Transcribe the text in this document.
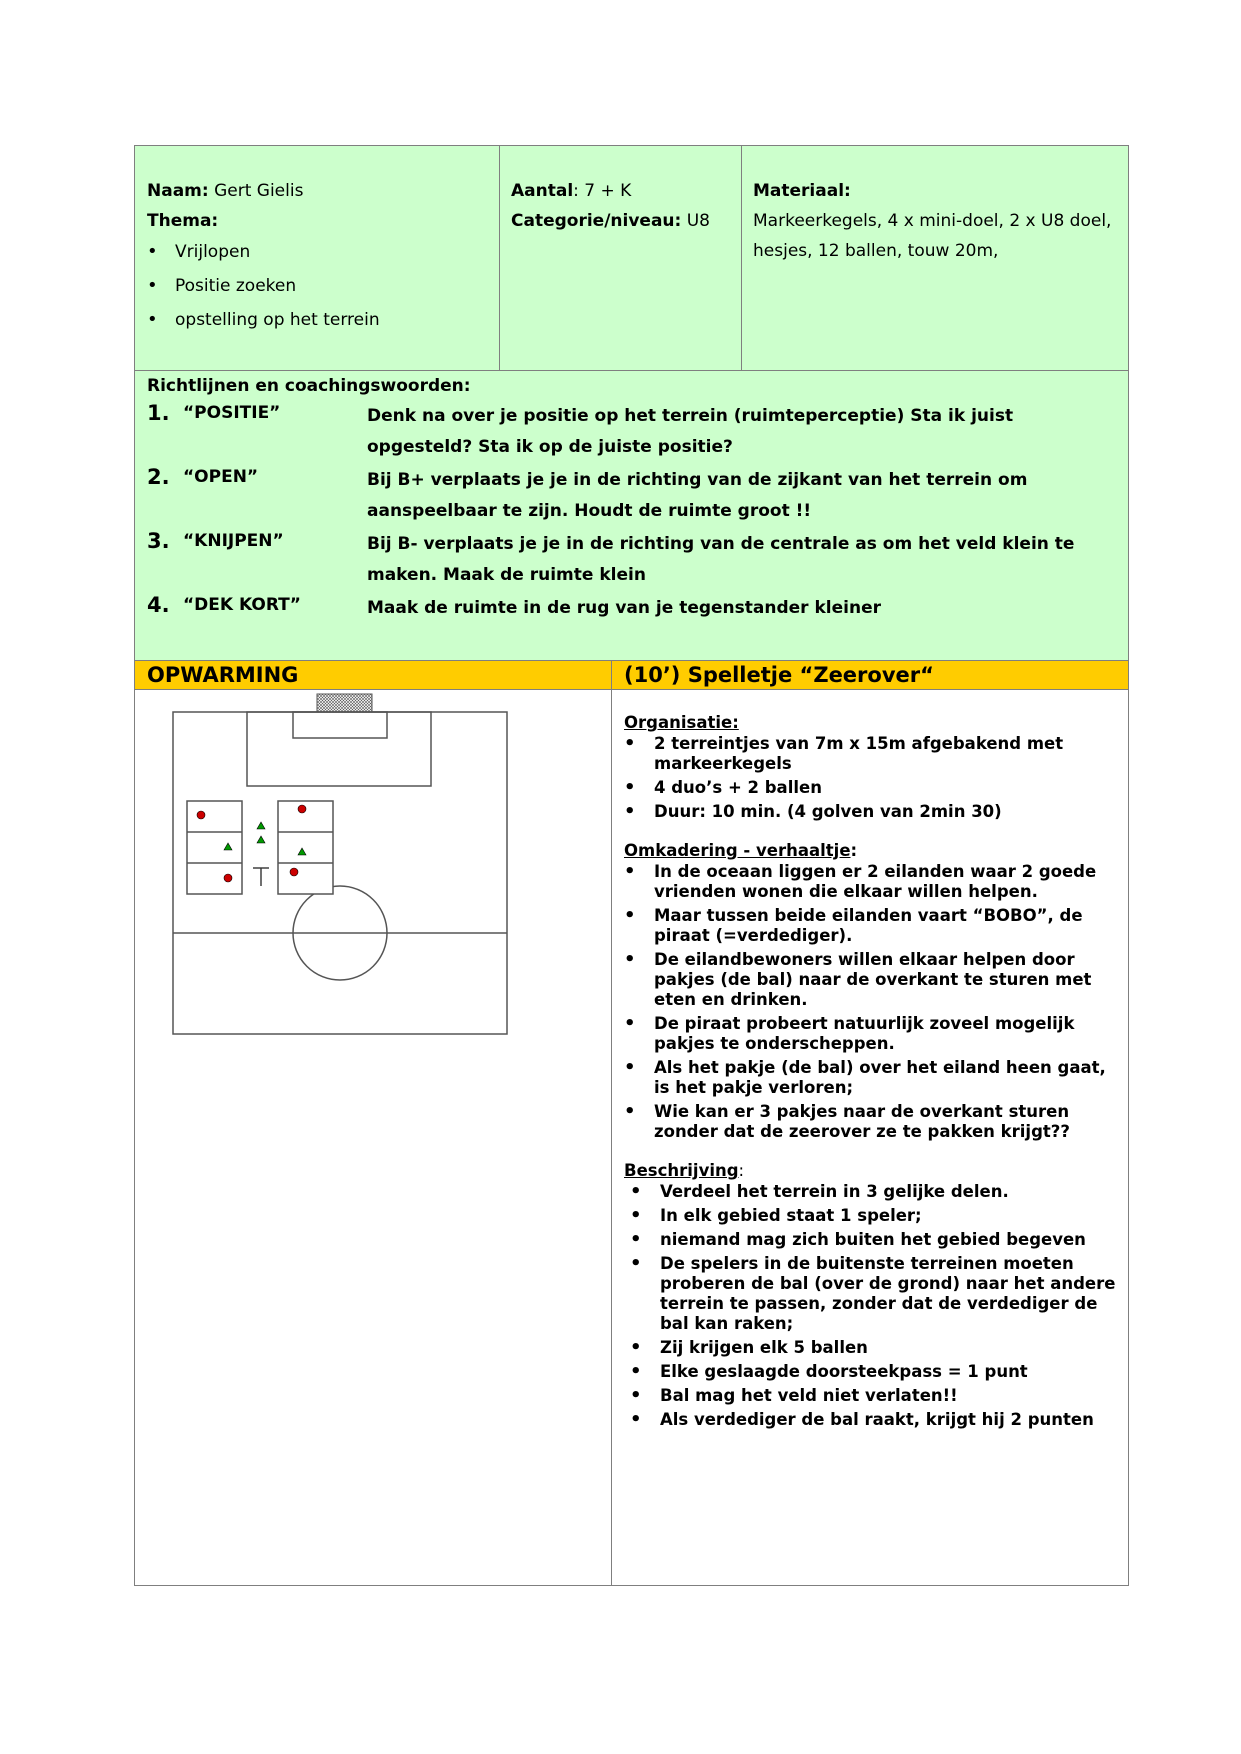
Naam: Gert Gielis
Thema:
• Vrijlopen
• Positie zoeken
• opstelling op het terrein
Aantal: 7 + K
Categorie/niveau: U8
Materiaal:
Markeerkegels, 4 x mini-doel, 2 x U8 doel, hesjes, 12 ballen, touw 20m,
Richtlijnen en coachingswoorden:
1. “POSITIE”	Denk na over je positie op het terrein (ruimteperceptie) Sta ik juist opgesteld? Sta ik op de juiste positie?
2. “OPEN”	Bij B+ verplaats je je in de richting van de zijkant van het terrein om aanspeelbaar te zijn. Houdt de ruimte groot !!
3. “KNIJPEN”	Bij B- verplaats je je in de richting van de centrale as om het veld klein te maken. Maak de ruimte klein
4. “DEK KORT”	Maak de ruimte in de rug van je tegenstander kleiner
OPWARMING	(10’) Spelletje “Zeerover“
Organisatie:
• 2 terreintjes van 7m x 15m afgebakend met markeerkegels
• 4 duo’s + 2 ballen
• Duur: 10 min. (4 golven van 2min 30)
Omkadering - verhaaltje:
• In de oceaan liggen er 2 eilanden waar 2 goede vrienden wonen die elkaar willen helpen.
• Maar tussen beide eilanden vaart “BOBO”, de piraat (=verdediger).
• De eilandbewoners willen elkaar helpen door pakjes (de bal) naar de overkant te sturen met eten en drinken.
• De piraat probeert natuurlijk zoveel mogelijk pakjes te onderscheppen.
• Als het pakje (de bal) over het eiland heen gaat, is het pakje verloren;
• Wie kan er 3 pakjes naar de overkant sturen zonder dat de zeerover ze te pakken krijgt??
Beschrijving:
• Verdeel het terrein in 3 gelijke delen.
• In elk gebied staat 1 speler;
• niemand mag zich buiten het gebied begeven
• De spelers in de buitenste terreinen moeten proberen de bal (over de grond) naar het andere terrein te passen, zonder dat de verdediger de bal kan raken;
• Zij krijgen elk 5 ballen
• Elke geslaagde doorsteekpass = 1 punt
• Bal mag het veld niet verlaten!!
• Als verdediger de bal raakt, krijgt hij 2 punten
